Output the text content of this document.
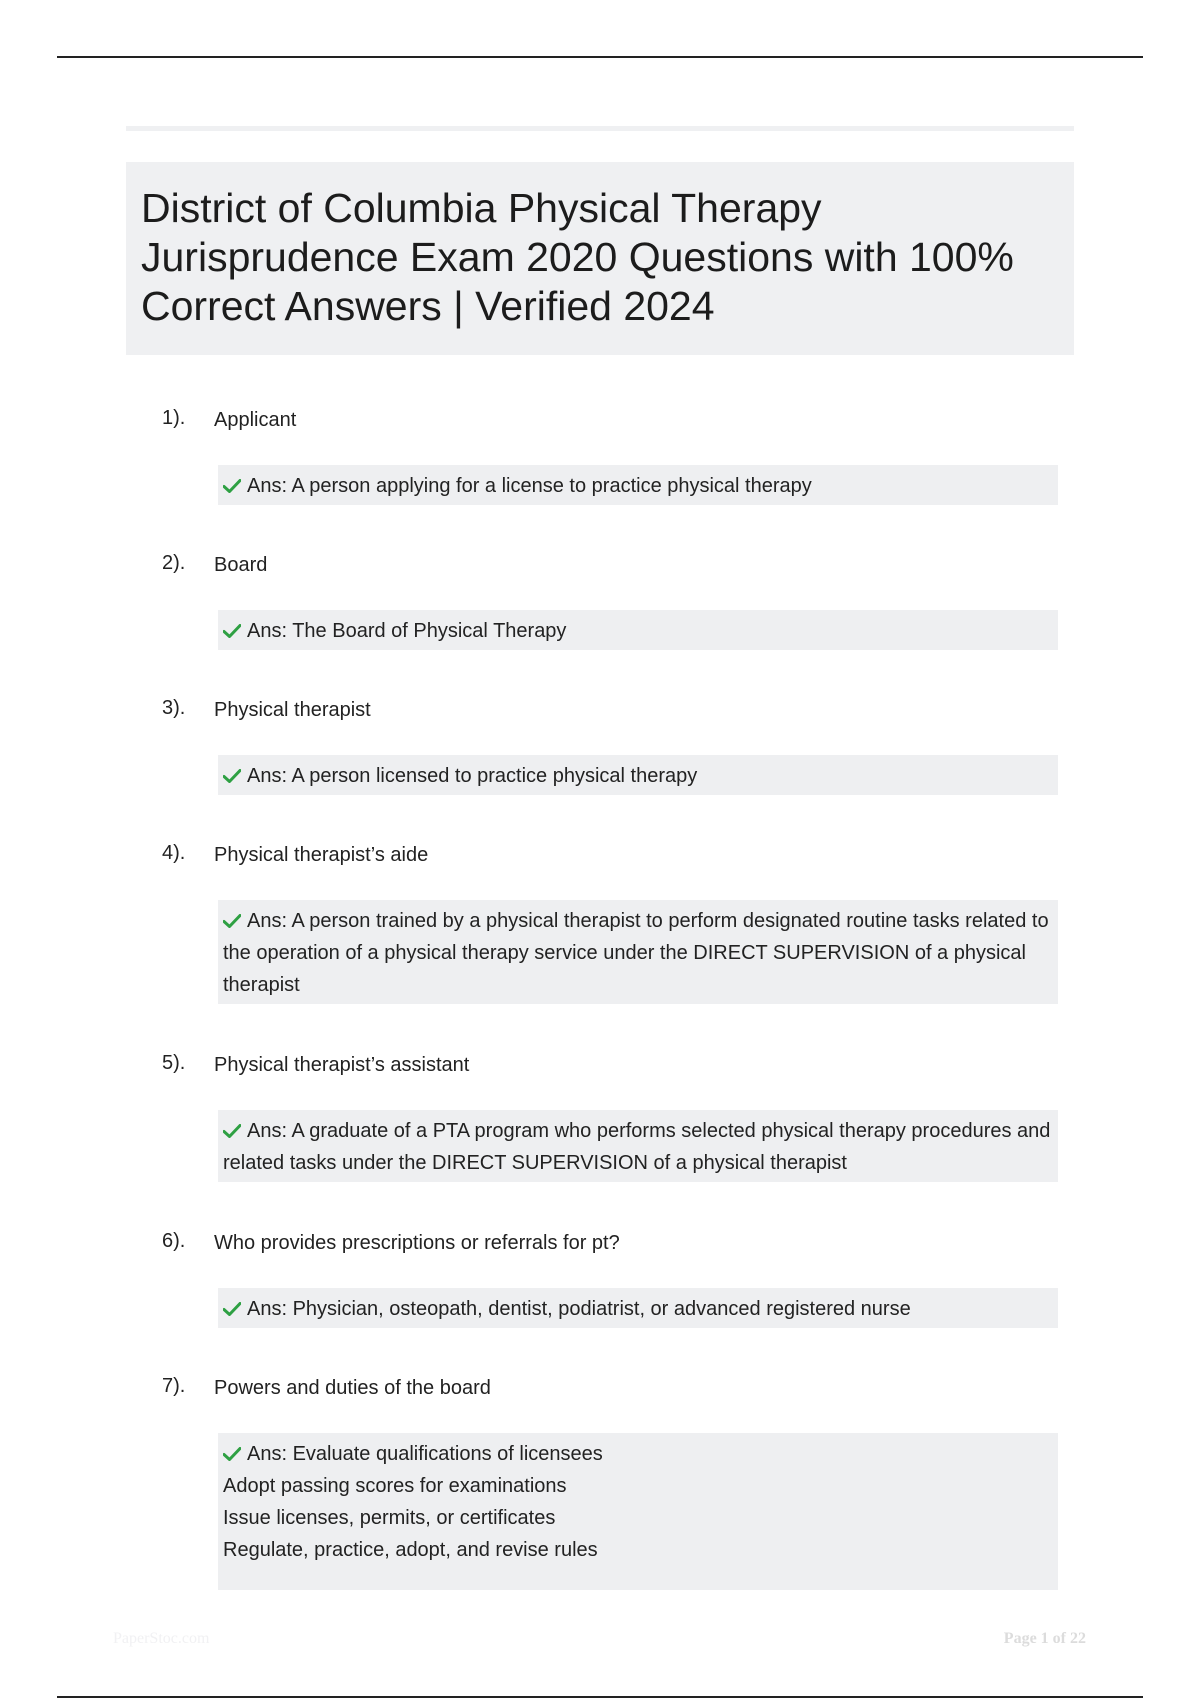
District of Columbia Physical Therapy Jurisprudence Exam 2020 Questions with 100% Correct Answers | Verified 2024
1). Applicant
Ans: A person applying for a license to practice physical therapy
2). Board
Ans: The Board of Physical Therapy
3). Physical therapist
Ans: A person licensed to practice physical therapy
4). Physical therapist’s aide
Ans: A person trained by a physical therapist to perform designated routine tasks related to the operation of a physical therapy service under the DIRECT SUPERVISION of a physical therapist
5). Physical therapist’s assistant
Ans: A graduate of a PTA program who performs selected physical therapy procedures and related tasks under the DIRECT SUPERVISION of a physical therapist
6). Who provides prescriptions or referrals for pt?
Ans: Physician, osteopath, dentist, podiatrist, or advanced registered nurse
7). Powers and duties of the board
Ans: Evaluate qualifications of licensees
Adopt passing scores for examinations
Issue licenses, permits, or certificates
Regulate, practice, adopt, and revise rules
PaperStoc.com	Page 1 of 22
